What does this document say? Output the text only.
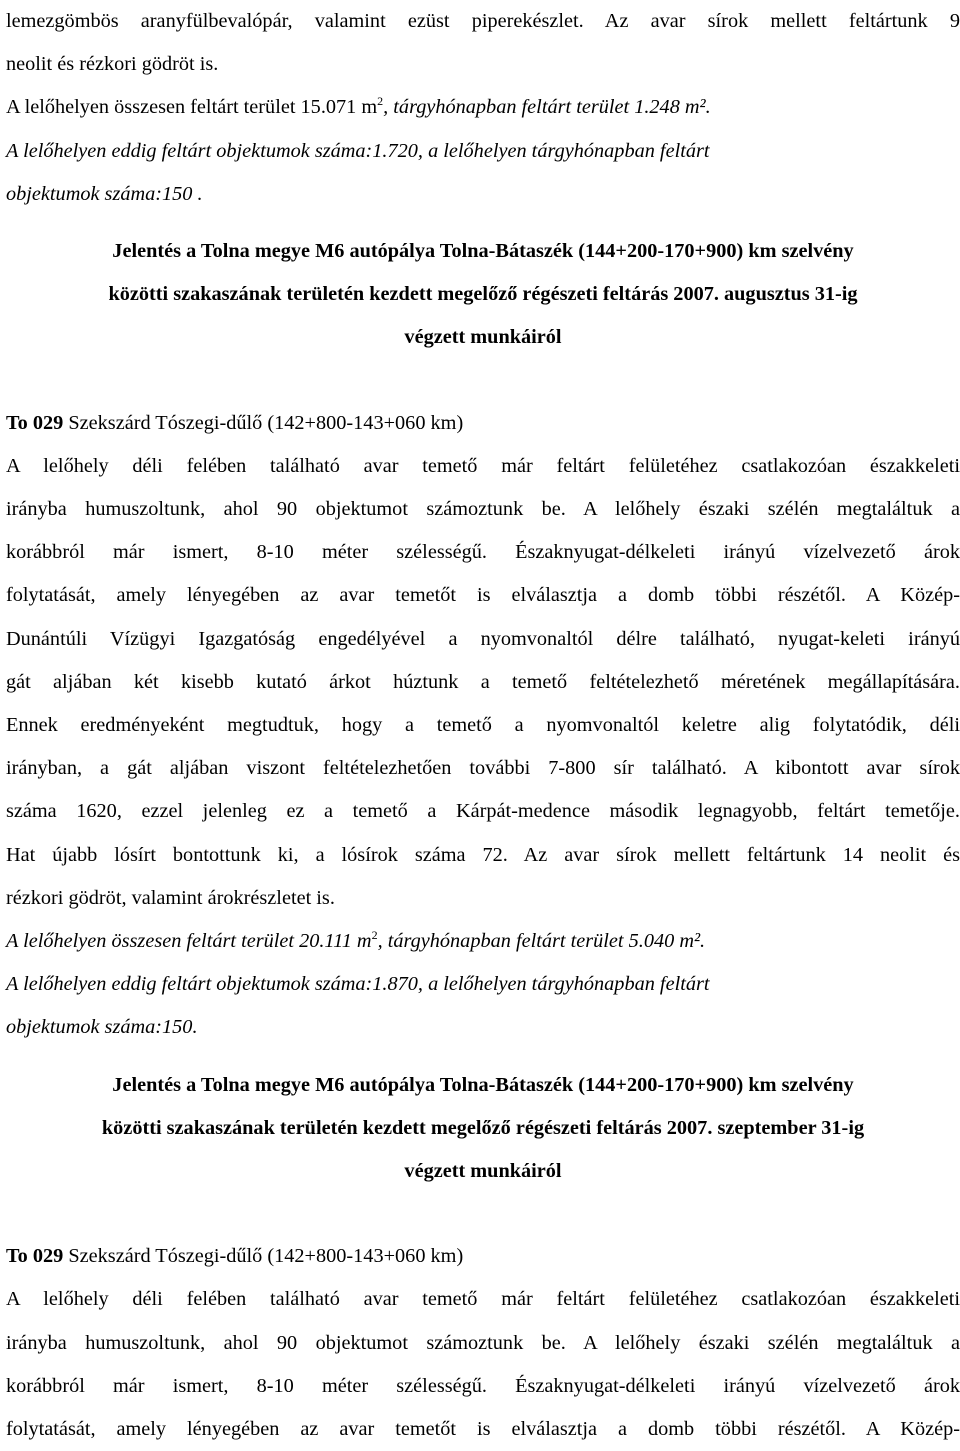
lemezgömbös aranyfülbevalópár, valamint ezüst piperekészlet. Az avar sírok mellett feltártunk 9
neolit és rézkori gödröt is.

A lelőhelyen összesen feltárt terület 15.071 $m^2$, tárgyhónapban feltárt terület 1.248 m².

A lelőhelyen eddig feltárt objektumok száma:1.720, a lelőhelyen tárgyhónapban feltárt
objektumok száma:150 .

Jelentés a Tolna megye M6 autópálya Tolna-Bátaszék (144+200-170+900) km szelvény
közötti szakaszának területén kezdett megelőző régészeti feltárás 2007. augusztus 31-ig
végzett munkáiról

To 029 Szekszárd Tószegi-dűlő (142+800-143+060 km)

A lelőhely déli felében található avar temető már feltárt felületéhez csatlakozóan északkeleti
irányba humuszoltunk, ahol 90 objektumot számoztunk be. A lelőhely északi szélén megtaláltuk a
korábbról már ismert, 8-10 méter szélességű. Északnyugat-délkeleti irányú vízelvezető árok
folytatását, amely lényegében az avar temetőt is elválasztja a domb többi részétől. A Közép-
Dunántúli Vízügyi Igazgatóság engedélyével a nyomvonaltól délre található, nyugat-keleti irányú
gát aljában két kisebb kutató árkot húztunk a temető feltételezhető méretének megállapítására.
Ennek eredményeként megtudtuk, hogy a temető a nyomvonaltól keletre alig folytatódik, déli
irányban, a gát aljában viszont feltételezhetően további 7-800 sír található. A kibontott avar sírok
száma 1620, ezzel jelenleg ez a temető a Kárpát-medence második legnagyobb, feltárt temetője.
Hat újabb lósírt bontottunk ki, a lósírok száma 72. Az avar sírok mellett feltártunk 14 neolit és
rézkori gödröt, valamint árokrészletet is.

A lelőhelyen összesen feltárt terület 20.111 $m^2$, tárgyhónapban feltárt terület 5.040 m².

A lelőhelyen eddig feltárt objektumok száma:1.870, a lelőhelyen tárgyhónapban feltárt
objektumok száma:150.

Jelentés a Tolna megye M6 autópálya Tolna-Bátaszék (144+200-170+900) km szelvény
közötti szakaszának területén kezdett megelőző régészeti feltárás 2007. szeptember 31-ig
végzett munkáiról

To 029 Szekszárd Tószegi-dűlő (142+800-143+060 km)

A lelőhely déli felében található avar temető már feltárt felületéhez csatlakozóan északkeleti
irányba humuszoltunk, ahol 90 objektumot számoztunk be. A lelőhely északi szélén megtaláltuk a
korábbról már ismert, 8-10 méter szélességű. Északnyugat-délkeleti irányú vízelvezető árok
folytatását, amely lényegében az avar temetőt is elválasztja a domb többi részétől. A Közép-
